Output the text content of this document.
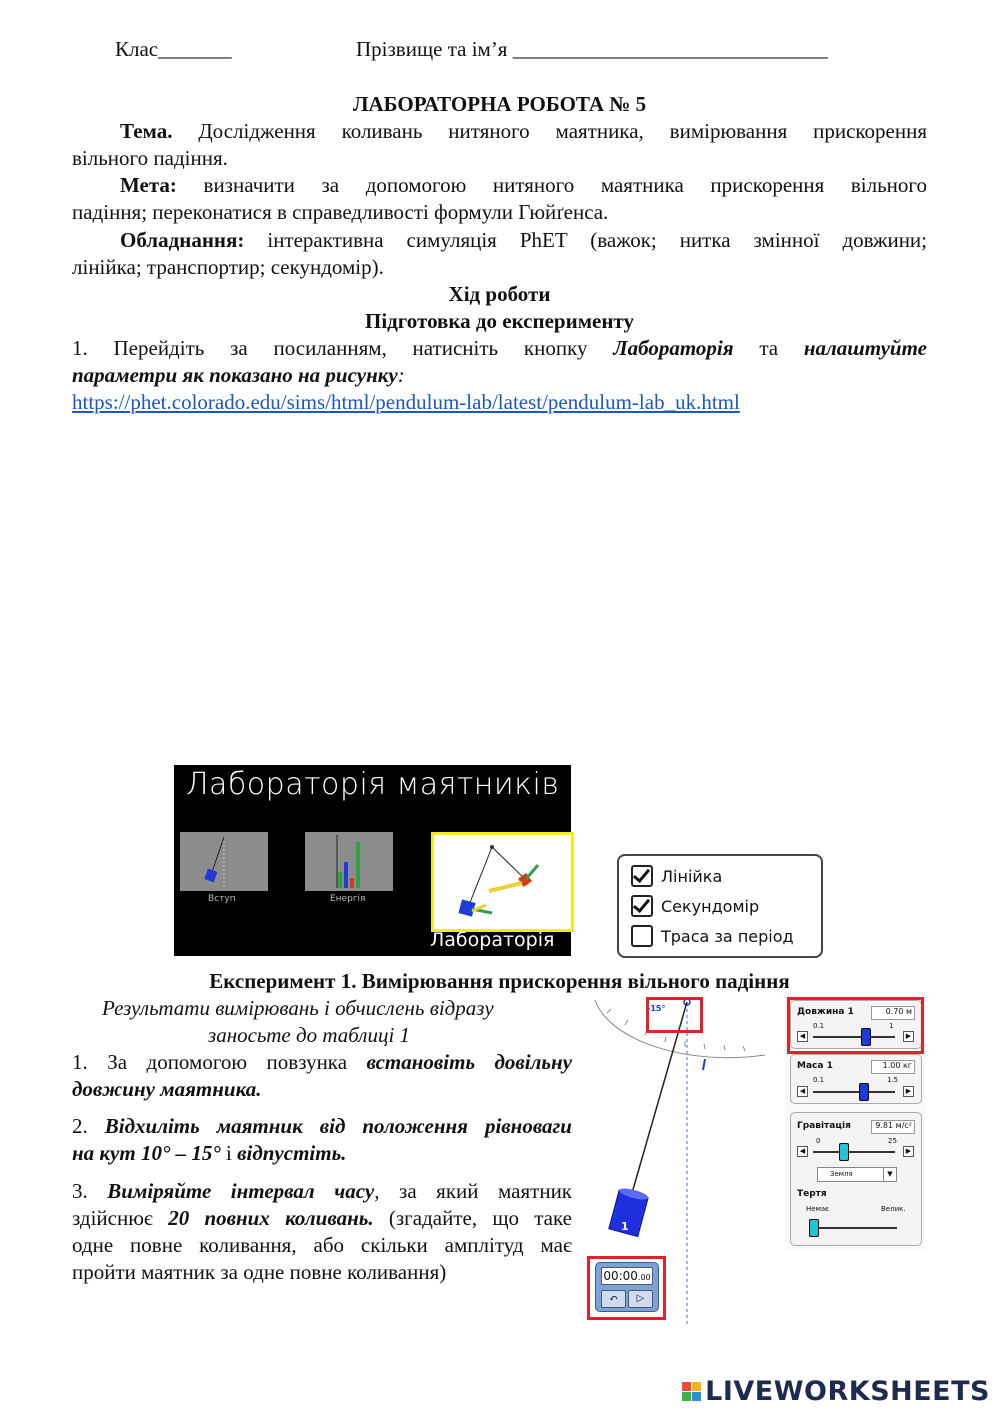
Клас_______	Прізвище та ім’я ______________________________
ЛАБОРАТОРНА РОБОТА № 5
Тема. Дослідження коливань нитяного маятника, вимірювання прискорення
вільного падіння.
Мета: визначити за допомогою нитяного маятника прискорення вільного
падіння; переконатися в справедливості формули Гюйґенса.
Обладнання: інтерактивна симуляція PhET (важок; нитка змінної довжини;
лінійка; транспортир; секундомір).
Хід роботи
Підготовка до експерименту
1. Перейдіть за посиланням, натисніть кнопку Лабораторія та налаштуйте
параметри як показано на рисунку:
https://phet.colorado.edu/sims/html/pendulum-lab/latest/pendulum-lab_uk.html
Лабораторія маятників
Вступ	Енергія
Лабораторія
Лінійка
Секундомір
Траса за період
Експеримент 1. Вимірювання прискорення вільного падіння
Результати вимірювань і обчислень відразу
заносьте до таблиці 1
1. За допомогою повзунка встановіть довільну
довжину маятника.
2. Відхиліть маятник від положення рівноваги
на кут 10° – 15° і відпустіть.
3. Виміряйте інтервал часу, за який маятник
здійснює 20 повних коливань. (згадайте, що таке
одне повне коливання, або скільки амплітуд має
пройти маятник за одне повне коливання)
-15°
1
00:00.00
↶	▷
Довжина 1	0.70 м
0.1	1
◀	▶
Маса 1	1.00 кг
0.1	1.5
◀	▶
Гравітація	9.81 м/с²
0	25
◀	▶
Земля	▼
Тертя
Немає	Велик.
LIVEWORKSHEETS
